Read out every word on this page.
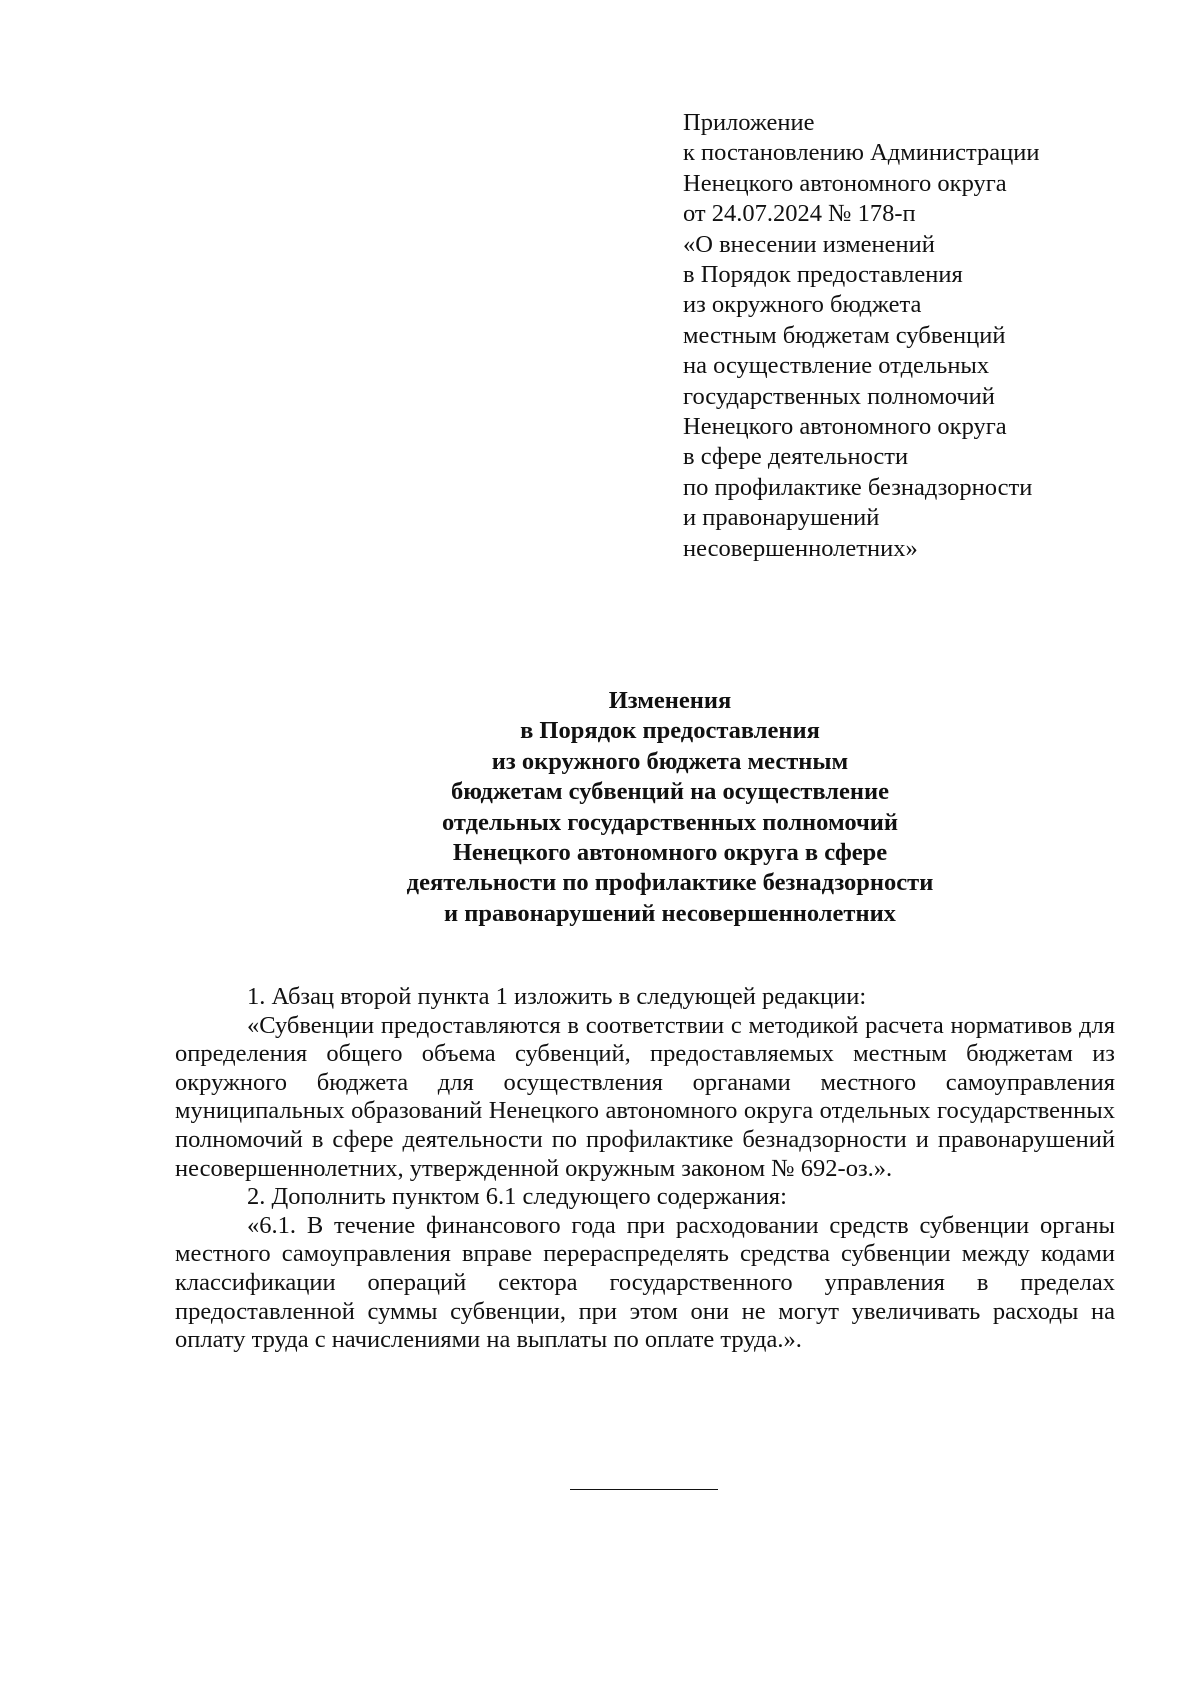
Приложение
к постановлению Администрации
Ненецкого автономного округа
от 24.07.2024 № 178-п
«О внесении изменений
в Порядок предоставления
из окружного бюджета
местным бюджетам субвенций
на осуществление отдельных
государственных полномочий
Ненецкого автономного округа
в сфере деятельности
по профилактике безнадзорности
и правонарушений
несовершеннолетних»
Изменения
в Порядок предоставления
из окружного бюджета местным
бюджетам субвенций на осуществление
отдельных государственных полномочий
Ненецкого автономного округа в сфере
деятельности по профилактике безнадзорности
и правонарушений несовершеннолетних

1. Абзац второй пункта 1 изложить в следующей редакции:

«Субвенции предоставляются в соответствии с методикой расчета нормативов для определения общего объема субвенций, предоставляемых местным бюджетам из окружного бюджета для осуществления органами местного самоуправления муниципальных образований Ненецкого автономного округа отдельных государственных полномочий в сфере деятельности по профилактике безнадзорности и правонарушений несовершеннолетних, утвержденной окружным законом № 692-оз.».

2. Дополнить пунктом 6.1 следующего содержания:

«6.1. В течение финансового года при расходовании средств субвенции органы местного самоуправления вправе перераспределять средства субвенции между кодами классификации операций сектора государственного управления в пределах предоставленной суммы субвенции, при этом они не могут увеличивать расходы на оплату труда с начислениями на выплаты по оплате труда.».
